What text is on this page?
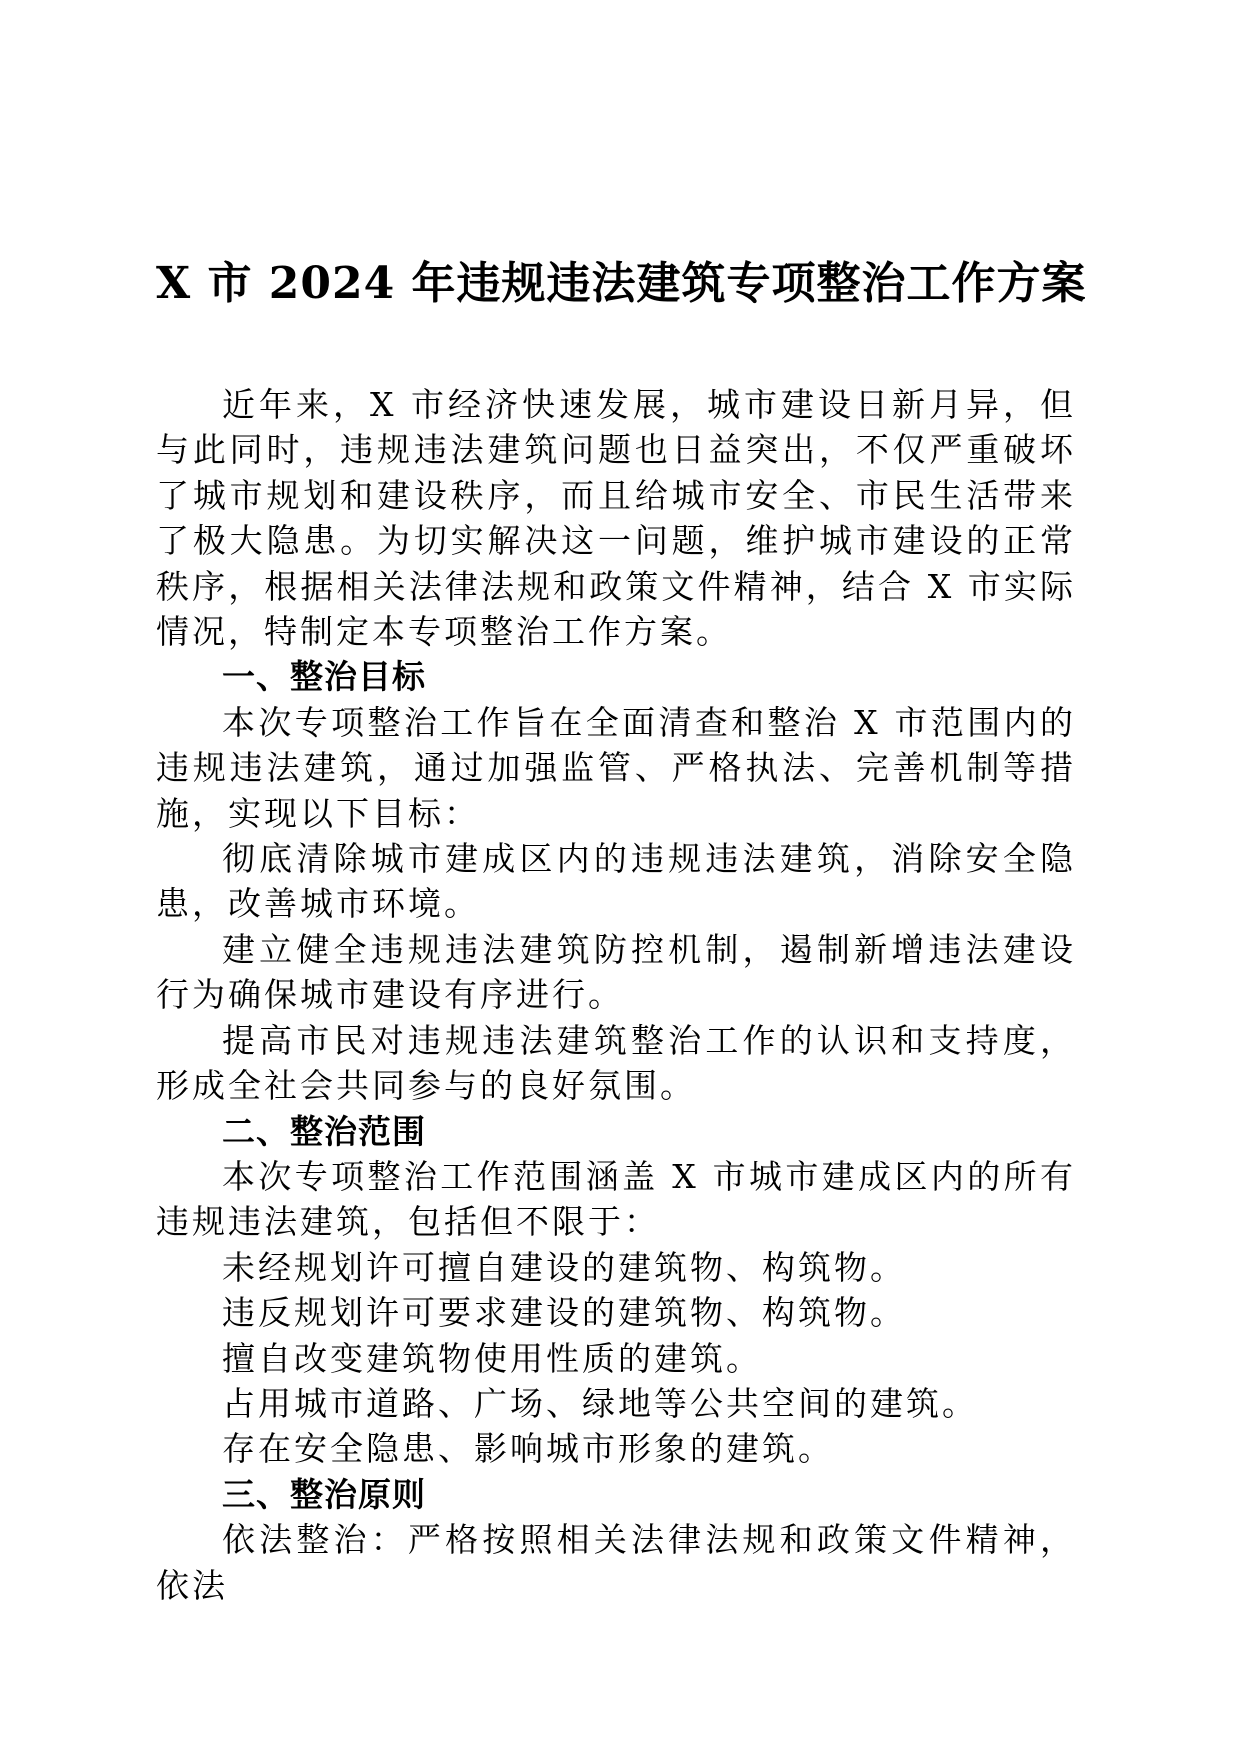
X 市 2024 年违规违法建筑专项整治工作方案

近年来，X 市经济快速发展，城市建设日新月异，但与此同时，违规违法建筑问题也日益突出，不仅严重破坏了城市规划和建设秩序，而且给城市安全、市民生活带来了极大隐患。为切实解决这一问题，维护城市建设的正常秩序，根据相关法律法规和政策文件精神，结合 X 市实际情况，特制定本专项整治工作方案。

一、整治目标

本次专项整治工作旨在全面清查和整治 X 市范围内的违规违法建筑，通过加强监管、严格执法、完善机制等措施，实现以下目标：

彻底清除城市建成区内的违规违法建筑，消除安全隐患，改善城市环境。

建立健全违规违法建筑防控机制，遏制新增违法建设行为确保城市建设有序进行。

提高市民对违规违法建筑整治工作的认识和支持度，形成全社会共同参与的良好氛围。

二、整治范围

本次专项整治工作范围涵盖 X 市城市建成区内的所有违规违法建筑，包括但不限于：

未经规划许可擅自建设的建筑物、构筑物。

违反规划许可要求建设的建筑物、构筑物。

擅自改变建筑物使用性质的建筑。

占用城市道路、广场、绿地等公共空间的建筑。

存在安全隐患、影响城市形象的建筑。

三、整治原则

依法整治：严格按照相关法律法规和政策文件精神，依法
